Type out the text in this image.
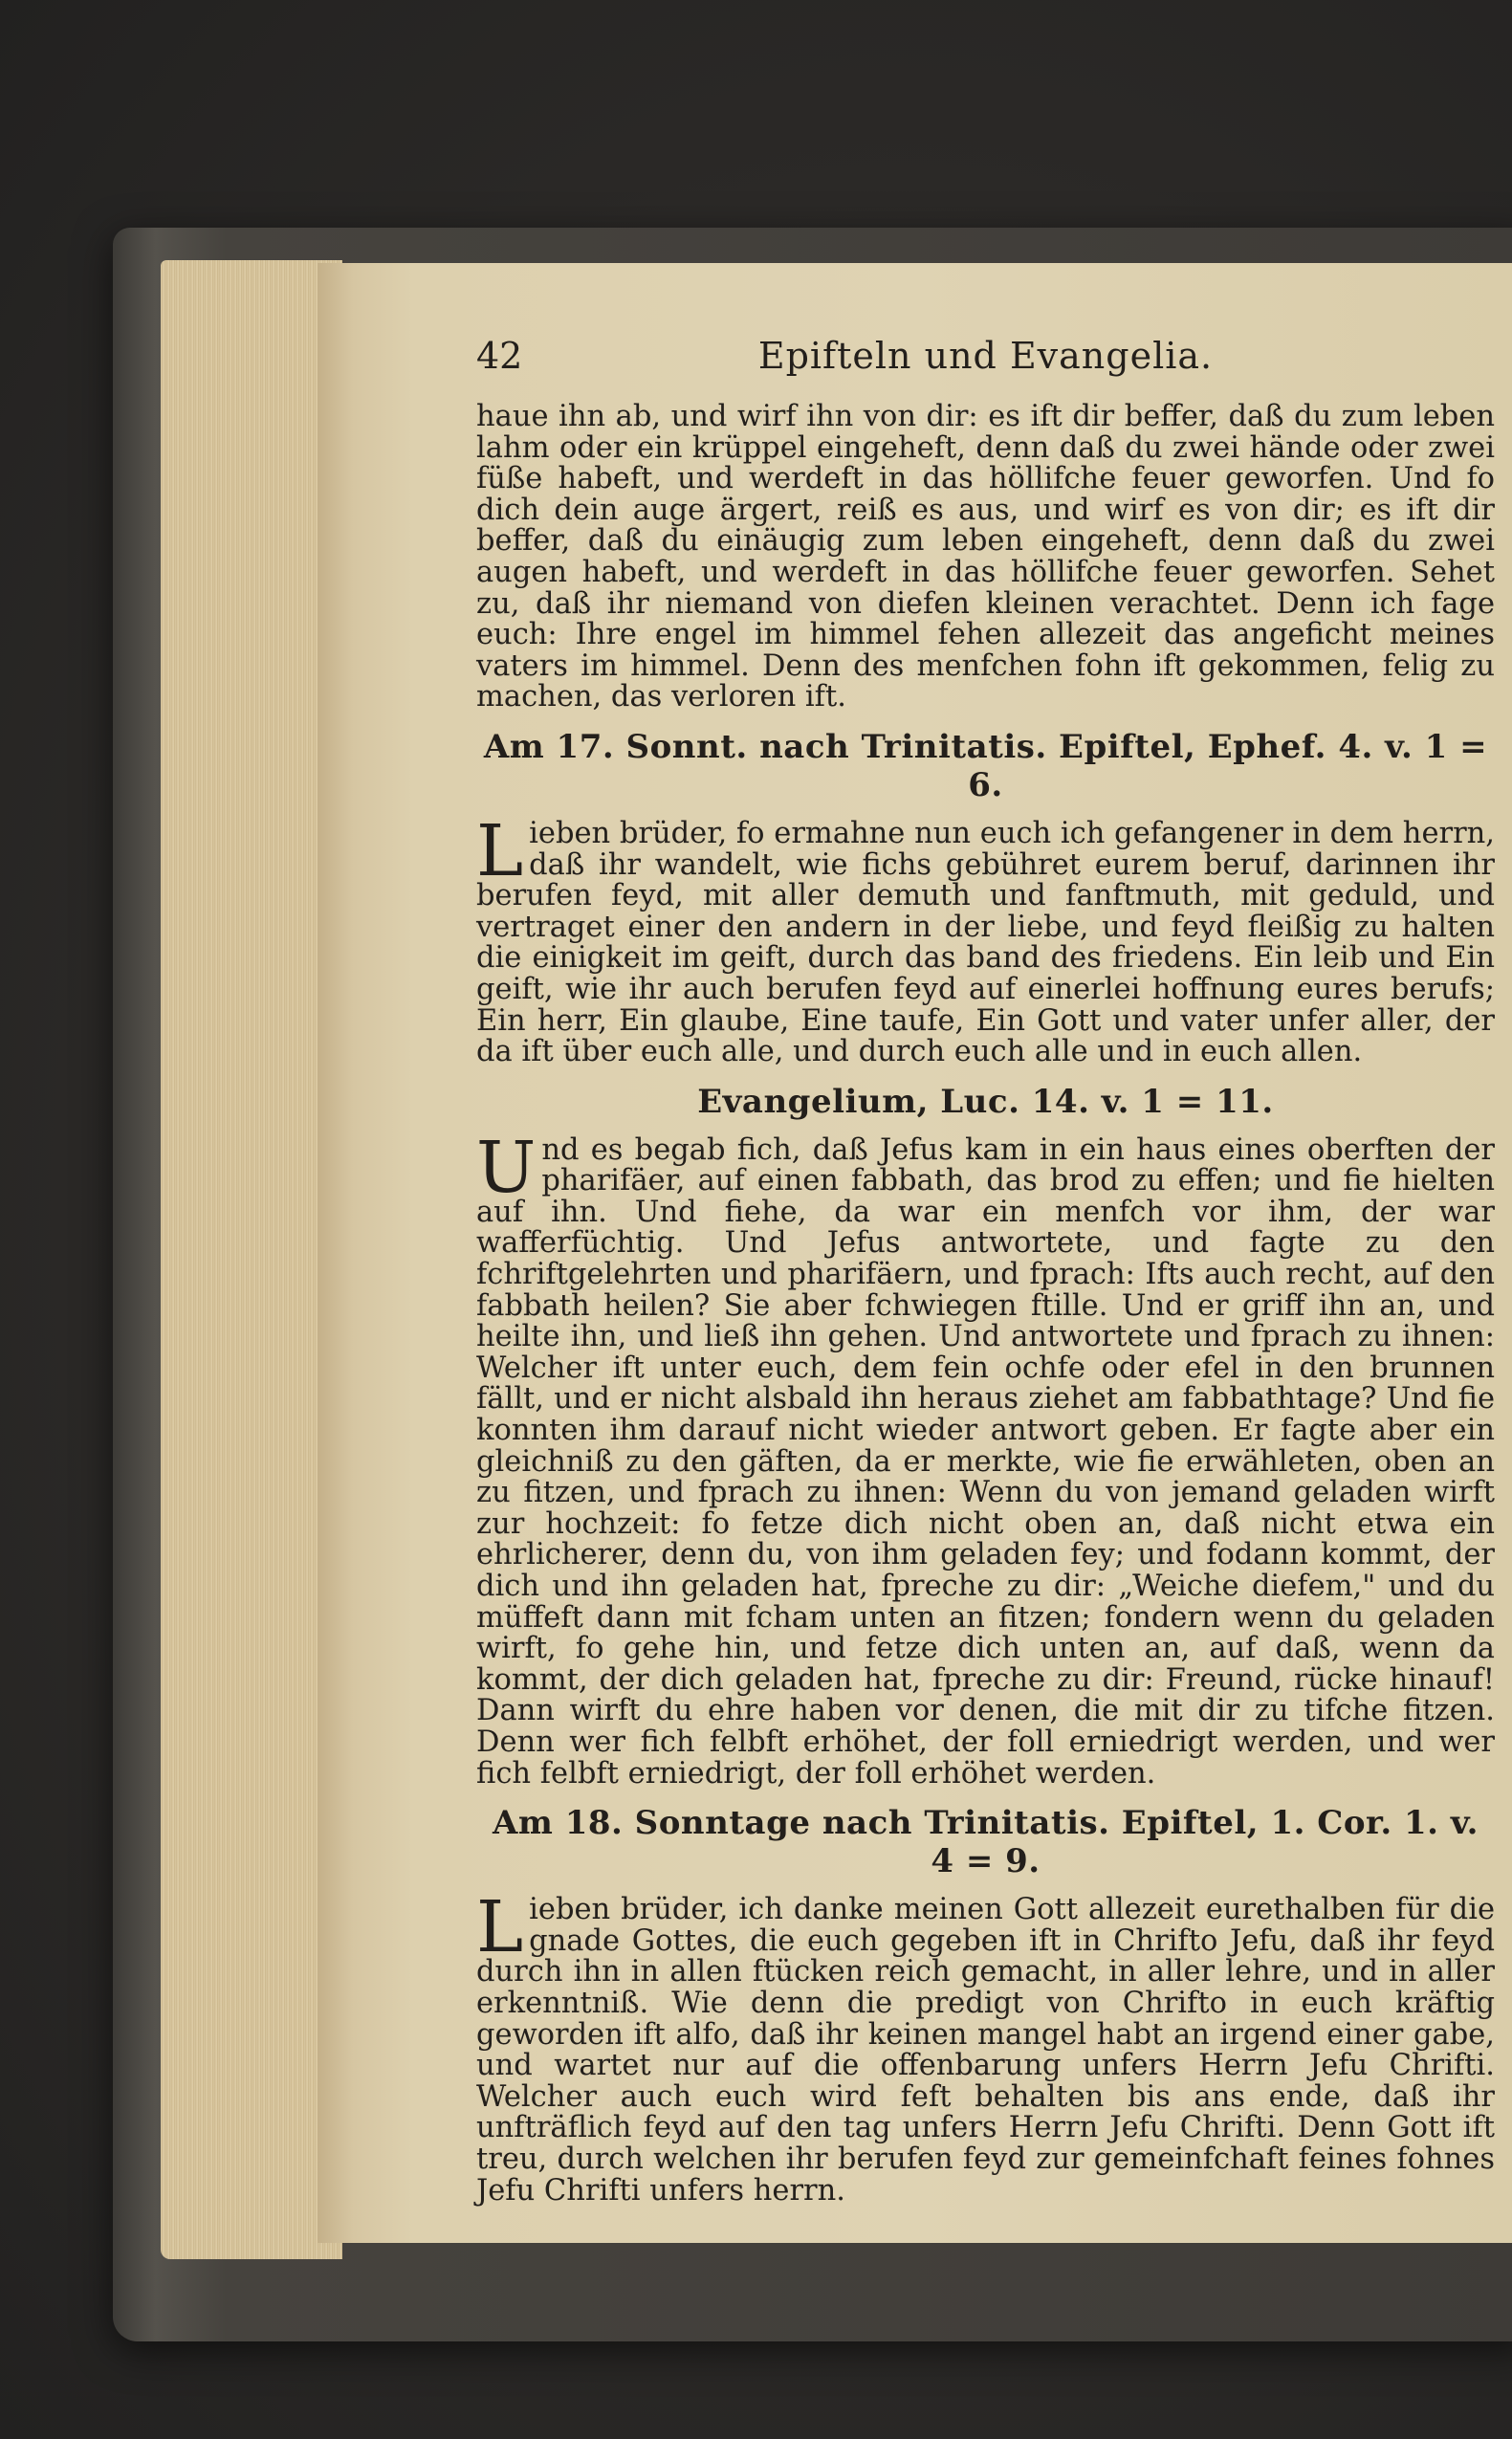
42	Epifteln und Evangelia.

haue ihn ab, und wirf ihn von dir: es ift dir beffer, daß du zum leben lahm oder ein krüppel eingeheft, denn daß du zwei hände oder zwei füße habeft, und werdeft in das höllifche feuer geworfen. Und fo dich dein auge ärgert, reiß es aus, und wirf es von dir; es ift dir beffer, daß du einäugig zum leben eingeheft, denn daß du zwei augen habeft, und werdeft in das höllifche feuer geworfen. Sehet zu, daß ihr niemand von diefen kleinen verachtet. Denn ich fage euch: Ihre engel im himmel fehen allezeit das angeficht meines vaters im himmel. Denn des menfchen fohn ift gekommen, felig zu machen, das verloren ift.

Am 17. Sonnt. nach Trinitatis. Epiftel, Ephef. 4. v. 1 = 6.

Lieben brüder, fo ermahne nun euch ich gefangener in dem herrn, daß ihr wandelt, wie fichs gebühret eurem beruf, darinnen ihr berufen feyd, mit aller demuth und fanftmuth, mit geduld, und vertraget einer den andern in der liebe, und feyd fleißig zu halten die einigkeit im geift, durch das band des friedens. Ein leib und Ein geift, wie ihr auch berufen feyd auf einerlei hoffnung eures berufs; Ein herr, Ein glaube, Eine taufe, Ein Gott und vater unfer aller, der da ift über euch alle, und durch euch alle und in euch allen.

Evangelium, Luc. 14. v. 1 = 11.

Und es begab fich, daß Jefus kam in ein haus eines oberften der pharifäer, auf einen fabbath, das brod zu effen; und fie hielten auf ihn. Und fiehe, da war ein menfch vor ihm, der war wafferfüchtig. Und Jefus antwortete, und fagte zu den fchriftgelehrten und pharifäern, und fprach: Ifts auch recht, auf den fabbath heilen? Sie aber fchwiegen ftille. Und er griff ihn an, und heilte ihn, und ließ ihn gehen. Und antwortete und fprach zu ihnen: Welcher ift unter euch, dem fein ochfe oder efel in den brunnen fällt, und er nicht alsbald ihn heraus ziehet am fabbathtage? Und fie konnten ihm darauf nicht wieder antwort geben. Er fagte aber ein gleichniß zu den gäften, da er merkte, wie fie erwähleten, oben an zu fitzen, und fprach zu ihnen: Wenn du von jemand geladen wirft zur hochzeit: fo fetze dich nicht oben an, daß nicht etwa ein ehrlicherer, denn du, von ihm geladen fey; und fodann kommt, der dich und ihn geladen hat, fpreche zu dir: „Weiche diefem," und du müffeft dann mit fcham unten an fitzen; fondern wenn du geladen wirft, fo gehe hin, und fetze dich unten an, auf daß, wenn da kommt, der dich geladen hat, fpreche zu dir: Freund, rücke hinauf! Dann wirft du ehre haben vor denen, die mit dir zu tifche fitzen. Denn wer fich felbft erhöhet, der foll erniedrigt werden, und wer fich felbft erniedrigt, der foll erhöhet werden.

Am 18. Sonntage nach Trinitatis. Epiftel, 1. Cor. 1. v. 4 = 9.

Lieben brüder, ich danke meinen Gott allezeit eurethalben für die gnade Gottes, die euch gegeben ift in Chrifto Jefu, daß ihr feyd durch ihn in allen ftücken reich gemacht, in aller lehre, und in aller erkenntniß. Wie denn die predigt von Chrifto in euch kräftig geworden ift alfo, daß ihr keinen mangel habt an irgend einer gabe, und wartet nur auf die offenbarung unfers Herrn Jefu Chrifti. Welcher auch euch wird feft behalten bis ans ende, daß ihr unfträflich feyd auf den tag unfers Herrn Jefu Chrifti. Denn Gott ift treu, durch welchen ihr berufen feyd zur gemeinfchaft feines fohnes Jefu Chrifti unfers herrn.
